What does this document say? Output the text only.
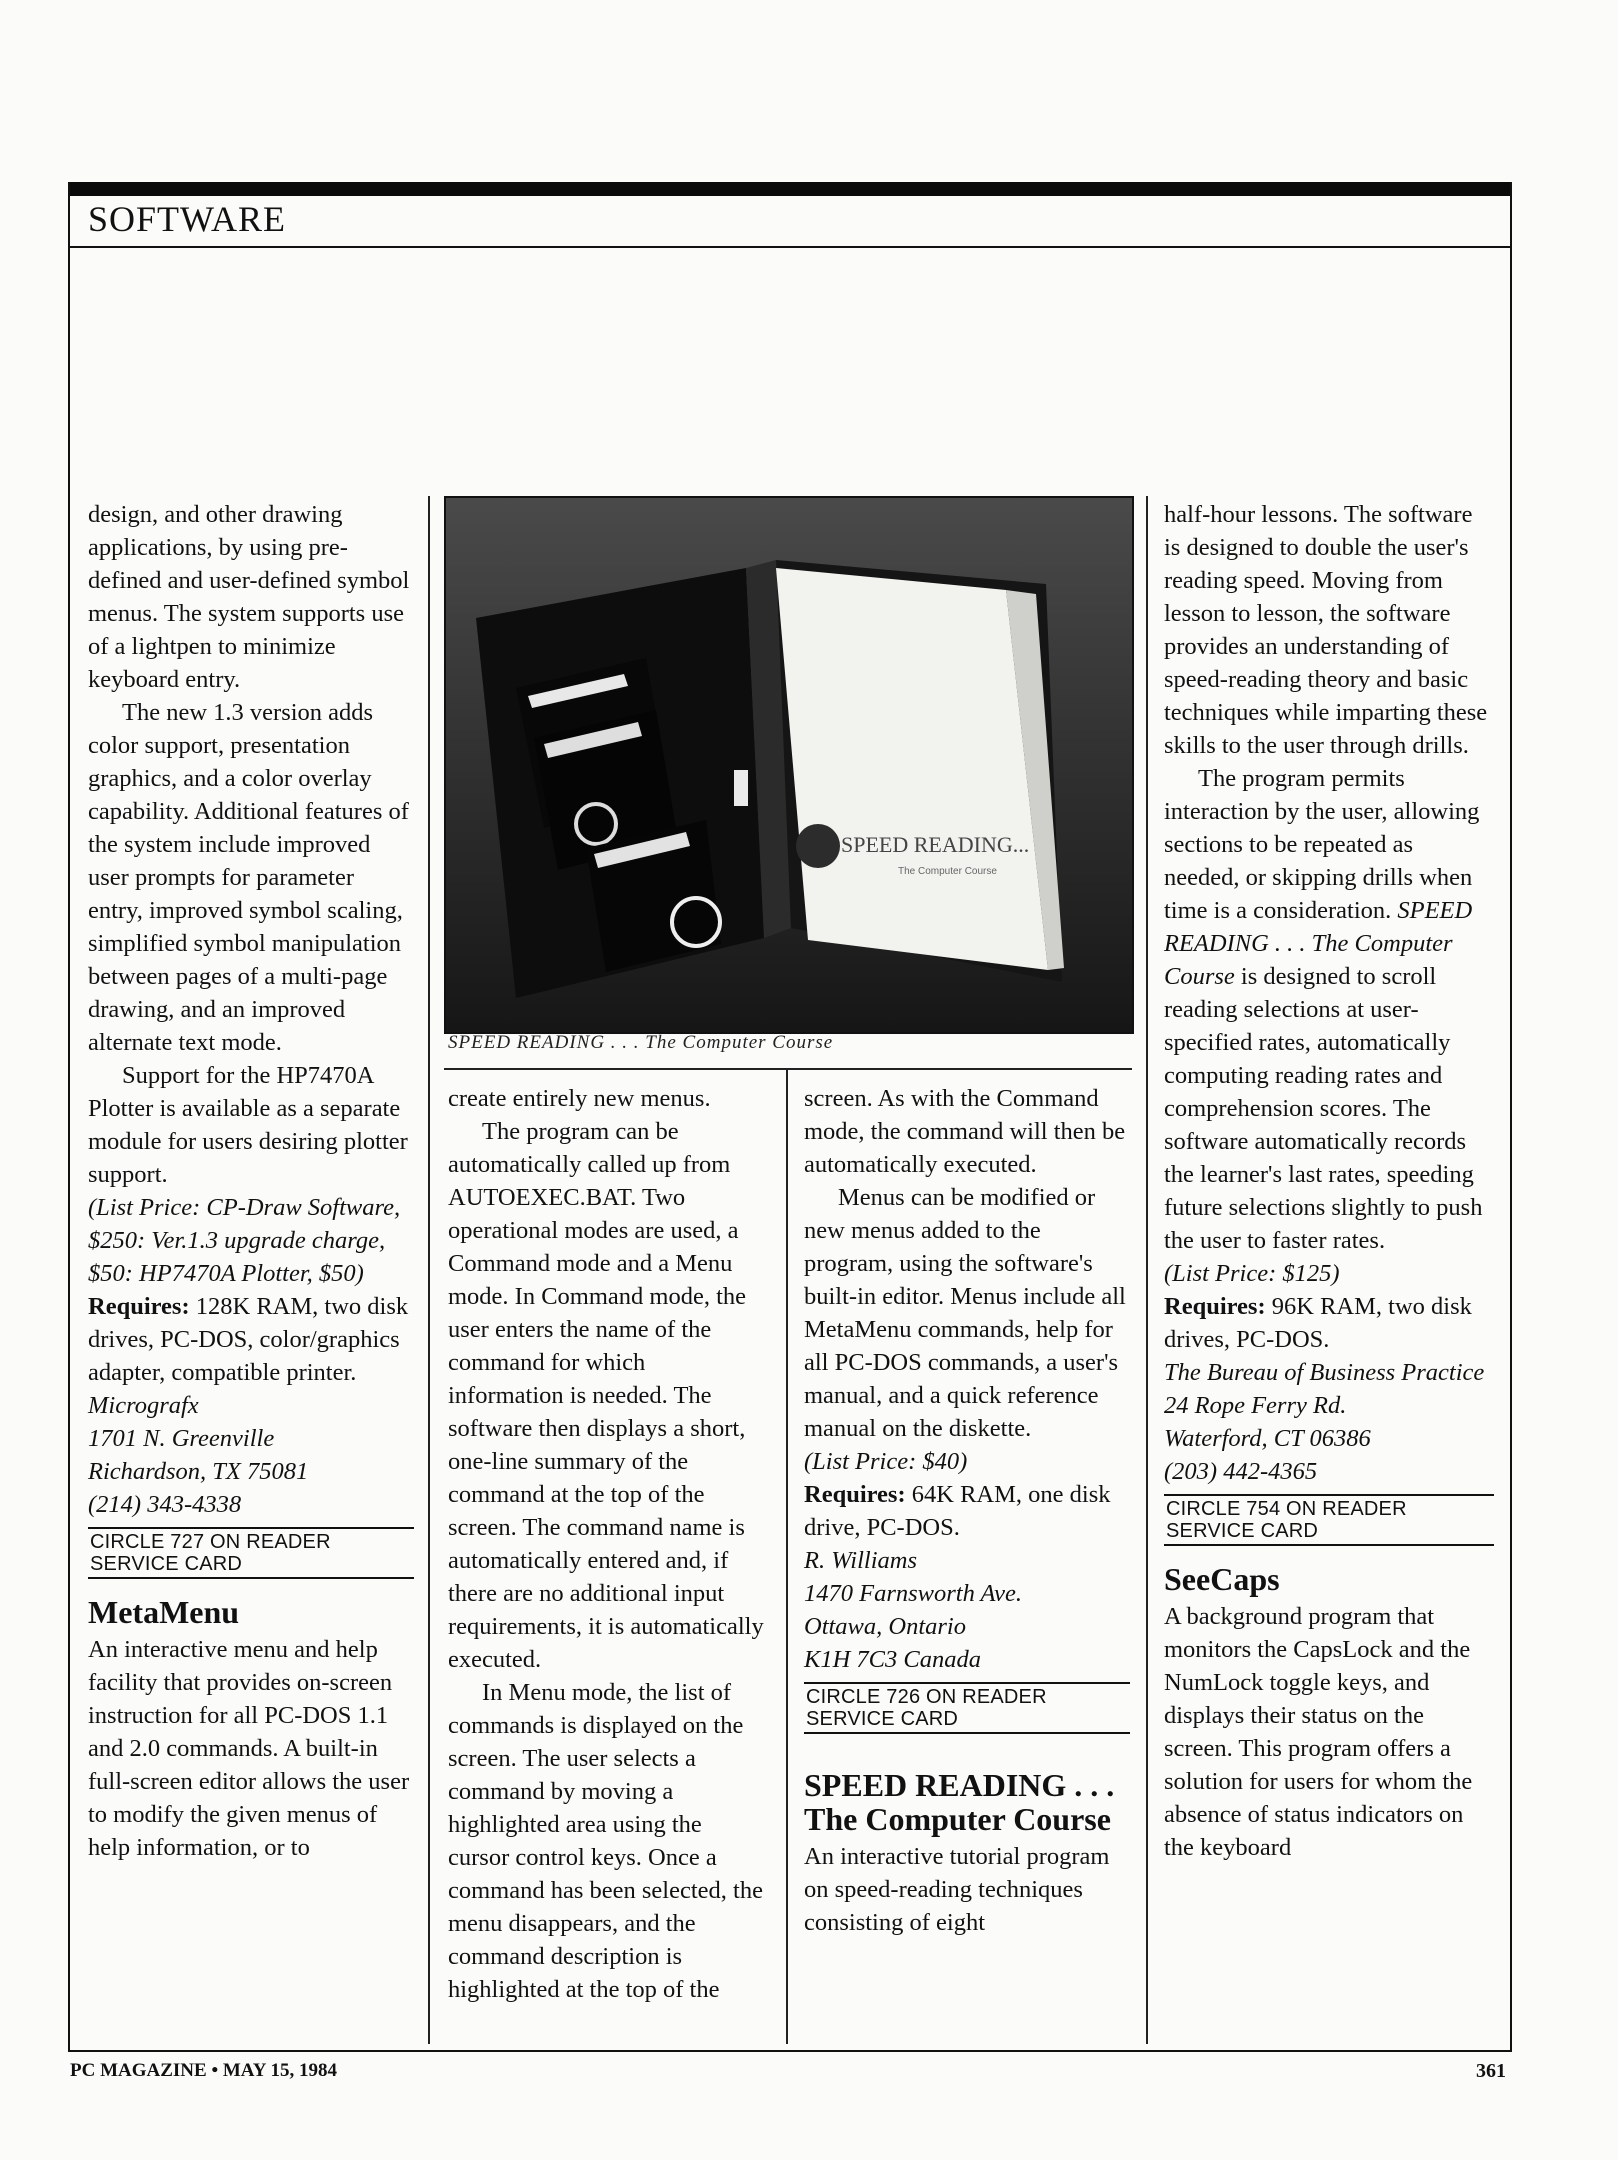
SOFTWARE

design, and other drawing applications, by using pre-defined and user-defined symbol menus. The system supports use of a lightpen to minimize keyboard entry.

The new 1.3 version adds color support, presentation graphics, and a color overlay capability. Additional features of the system include improved user prompts for parameter entry, improved symbol scaling, simplified symbol manipulation between pages of a multi-page drawing, and an improved alternate text mode.

Support for the HP7470A Plotter is available as a separate module for users desiring plotter support.

(List Price: CP-Draw Software, $250: Ver.1.3 upgrade charge, $50: HP7470A Plotter, $50)

Requires: 128K RAM, two disk drives, PC-DOS, color/graphics adapter, compatible printer.

Micrografx

1701 N. Greenville

Richardson, TX 75081

(214) 343-4338

CIRCLE 727 ON READER SERVICE CARD
MetaMenu

An interactive menu and help facility that provides on-screen instruction for all PC-DOS 1.1 and 2.0 commands. A built-in full-screen editor allows the user to modify the given menus of help information, or to

SPEED READING...
The Computer Course
SPEED READING . . . The Computer Course

create entirely new menus.

The program can be automatically called up from AUTOEXEC.BAT. Two operational modes are used, a Command mode and a Menu mode. In Command mode, the user enters the name of the command for which information is needed. The software then displays a short, one-line summary of the command at the top of the screen. The command name is automatically entered and, if there are no additional input requirements, it is automatically executed.

In Menu mode, the list of commands is displayed on the screen. The user selects a command by moving a highlighted area using the cursor control keys. Once a command has been selected, the menu disappears, and the command description is highlighted at the top of the

screen. As with the Command mode, the command will then be automatically executed.

Menus can be modified or new menus added to the program, using the software's built-in editor. Menus include all MetaMenu commands, help for all PC-DOS commands, a user's manual, and a quick reference manual on the diskette.

(List Price: $40)

Requires: 64K RAM, one disk drive, PC-DOS.

R. Williams

1470 Farnsworth Ave.

Ottawa, Ontario

K1H 7C3 Canada

CIRCLE 726 ON READER SERVICE CARD
SPEED READING . . . The Computer Course

An interactive tutorial program on speed-reading techniques consisting of eight

half-hour lessons. The software is designed to double the user's reading speed. Moving from lesson to lesson, the software provides an understanding of speed-reading theory and basic techniques while imparting these skills to the user through drills.

The program permits interaction by the user, allowing sections to be repeated as needed, or skipping drills when time is a consideration. SPEED READING . . . The Computer Course is designed to scroll reading selections at user-specified rates, automatically computing reading rates and comprehension scores. The software automatically records the learner's last rates, speeding future selections slightly to push the user to faster rates.

(List Price: $125)

Requires: 96K RAM, two disk drives, PC-DOS.

The Bureau of Business Practice

24 Rope Ferry Rd.

Waterford, CT 06386

(203) 442-4365

CIRCLE 754 ON READER SERVICE CARD
SeeCaps

A background program that monitors the CapsLock and the NumLock toggle keys, and displays their status on the screen. This program offers a solution for users for whom the absence of status indicators on the keyboard

PC MAGAZINE • MAY 15, 1984	361
